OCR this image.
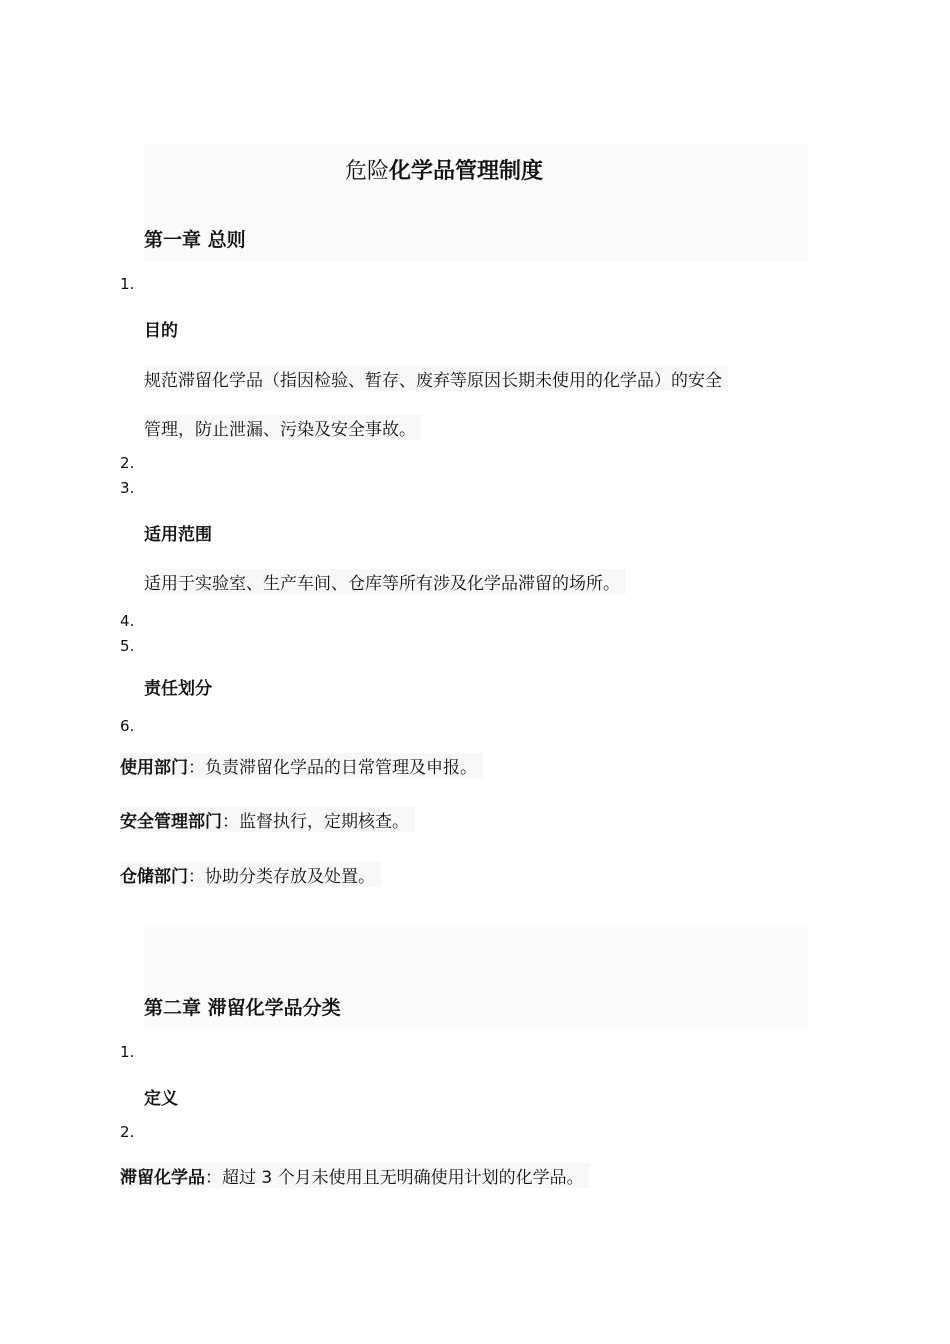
危险化学品管理制度
第一章 总则
1.
目的
规范滞留化学品（指因检验、暂存、废弃等原因长期未使用的化学品）的安全
管理，防止泄漏、污染及安全事故。
2.
3.
适用范围
适用于实验室、生产车间、仓库等所有涉及化学品滞留的场所。
4.
5.
责任划分
6.
使用部门：负责滞留化学品的日常管理及申报。
安全管理部门：监督执行，定期核查。
仓储部门：协助分类存放及处置。
第二章 滞留化学品分类
1.
定义
2.
滞留化学品：超过 3 个月未使用且无明确使用计划的化学品。
